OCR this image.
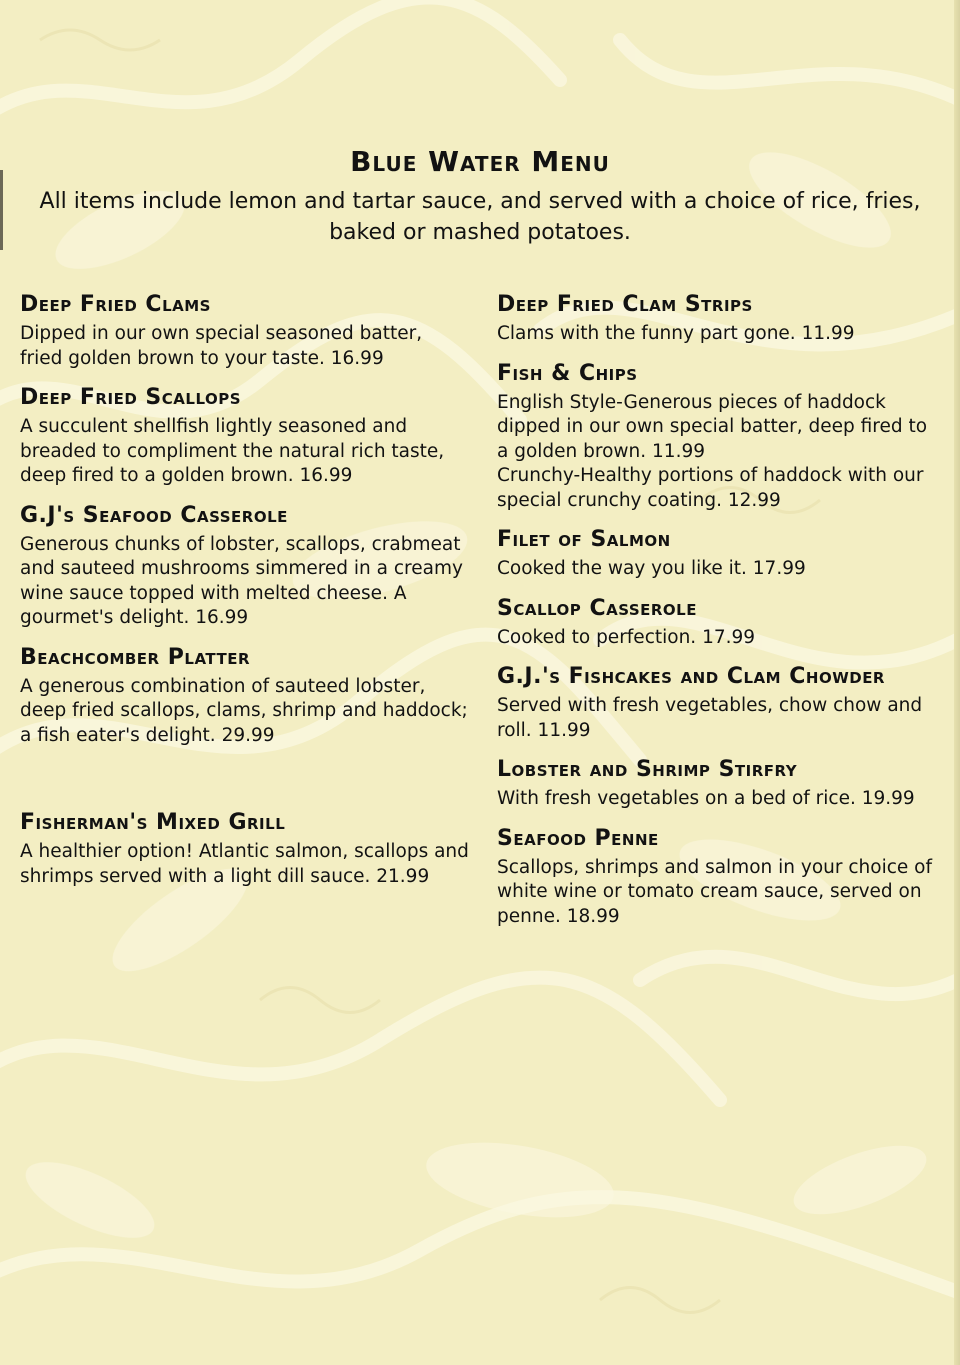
Blue Water Menu

All items include lemon and tartar sauce, and served with a choice of rice, fries, baked or mashed potatoes.

Deep Fried Clams

Dipped in our own special seasoned batter, fried golden brown to your taste. 16.99

Deep Fried Scallops

A succulent shellfish lightly seasoned and breaded to compliment the natural rich taste, deep fired to a golden brown. 16.99

G.J's Seafood Casserole

Generous chunks of lobster, scallops, crabmeat and sauteed mushrooms simmered in a creamy wine sauce topped with melted cheese. A gourmet's delight. 16.99

Beachcomber Platter

A generous combination of sauteed lobster, deep fried scallops, clams, shrimp and haddock; a fish eater's delight. 29.99

Fisherman's Mixed Grill

A healthier option! Atlantic salmon, scallops and shrimps served with a light dill sauce. 21.99

Deep Fried Clam Strips

Clams with the funny part gone. 11.99

Fish & Chips

English Style-Generous pieces of haddock dipped in our own special batter, deep fired to a golden brown. 11.99

Crunchy-Healthy portions of haddock with our special crunchy coating. 12.99

Filet of Salmon

Cooked the way you like it. 17.99

Scallop Casserole

Cooked to perfection. 17.99

G.J.'s Fishcakes and Clam Chowder

Served with fresh vegetables, chow chow and roll. 11.99

Lobster and Shrimp Stirfry

With fresh vegetables on a bed of rice. 19.99

Seafood Penne

Scallops, shrimps and salmon in your choice of white wine or tomato cream sauce, served on penne. 18.99
